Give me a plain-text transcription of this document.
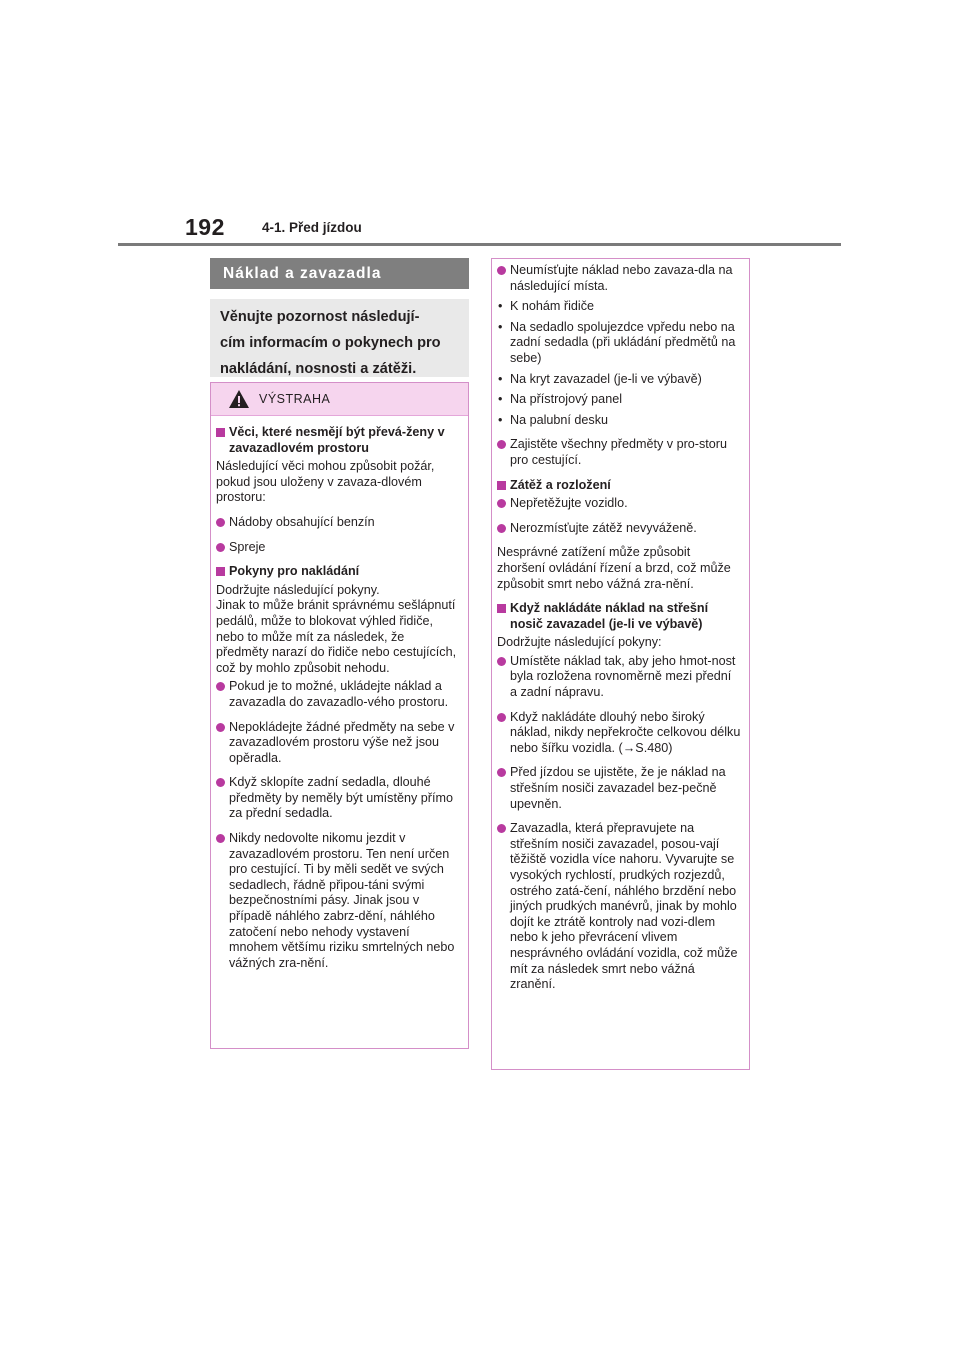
192	4-1. Před jízdou
Náklad a zavazadla
Věnujte pozornost následují-
cím informacím o pokynech pro
nakládání, nosnosti a zátěži.
VÝSTRAHA
Věci, které nesmějí být převá-ženy v zavazadlovém prostoru
Následující věci mohou způsobit požár, pokud jsou uloženy v zavaza-dlovém prostoru:
Nádoby obsahující benzín
Spreje
Pokyny pro nakládání
Dodržujte následující pokyny.
Jinak to může bránit správnému sešlápnutí pedálů, může to blokovat výhled řidiče, nebo to může mít za následek, že předměty narazí do řidiče nebo cestujících, což by mohlo způsobit nehodu.
Pokud je to možné, ukládejte náklad a zavazadla do zavazadlo-vého prostoru.
Nepokládejte žádné předměty na sebe v zavazadlovém prostoru výše než jsou opěradla.
Když sklopíte zadní sedadla, dlouhé předměty by neměly být umístěny přímo za přední sedadla.
Nikdy nedovolte nikomu jezdit v zavazadlovém prostoru. Ten není určen pro cestující. Ti by měli sedět ve svých sedadlech, řádně připou-táni svými bezpečnostními pásy. Jinak jsou v případě náhlého zabrz-dění, náhlého zatočení nebo nehody vystavení mnohem většímu riziku smrtelných nebo vážných zra-nění.
Neumísťujte náklad nebo zavaza-dla na následující místa.
• K nohám řidiče
• Na sedadlo spolujezdce vpředu nebo na zadní sedadla (při ukládání předmětů na sebe)
• Na kryt zavazadel (je-li ve výbavě)
• Na přístrojový panel
• Na palubní desku
Zajistěte všechny předměty v pro-storu pro cestující.
Zátěž a rozložení
Nepřetěžujte vozidlo.
Nerozmísťujte zátěž nevyváženě.
Nesprávné zatížení může způsobit zhoršení ovládání řízení a brzd, což může způsobit smrt nebo vážná zra-nění.
Když nakládáte náklad na střešní nosič zavazadel (je-li ve výbavě)
Dodržujte následující pokyny:
Umístěte náklad tak, aby jeho hmot-nost byla rozložena rovnoměrně mezi přední a zadní nápravu.
Když nakládáte dlouhý nebo široký náklad, nikdy nepřekročte celkovou délku nebo šířku vozidla. (→S.480)
Před jízdou se ujistěte, že je náklad na střešním nosiči zavazadel bez-pečně upevněn.
Zavazadla, která přepravujete na střešním nosiči zavazadel, posou-vají těžiště vozidla více nahoru. Vyvarujte se vysokých rychlostí, prudkých rozjezdů, ostrého zatá-čení, náhlého brzdění nebo jiných prudkých manévrů, jinak by mohlo dojít ke ztrátě kontroly nad vozi-dlem nebo k jeho převrácení vlivem nesprávného ovládání vozidla, což může mít za následek smrt nebo vážná zranění.
